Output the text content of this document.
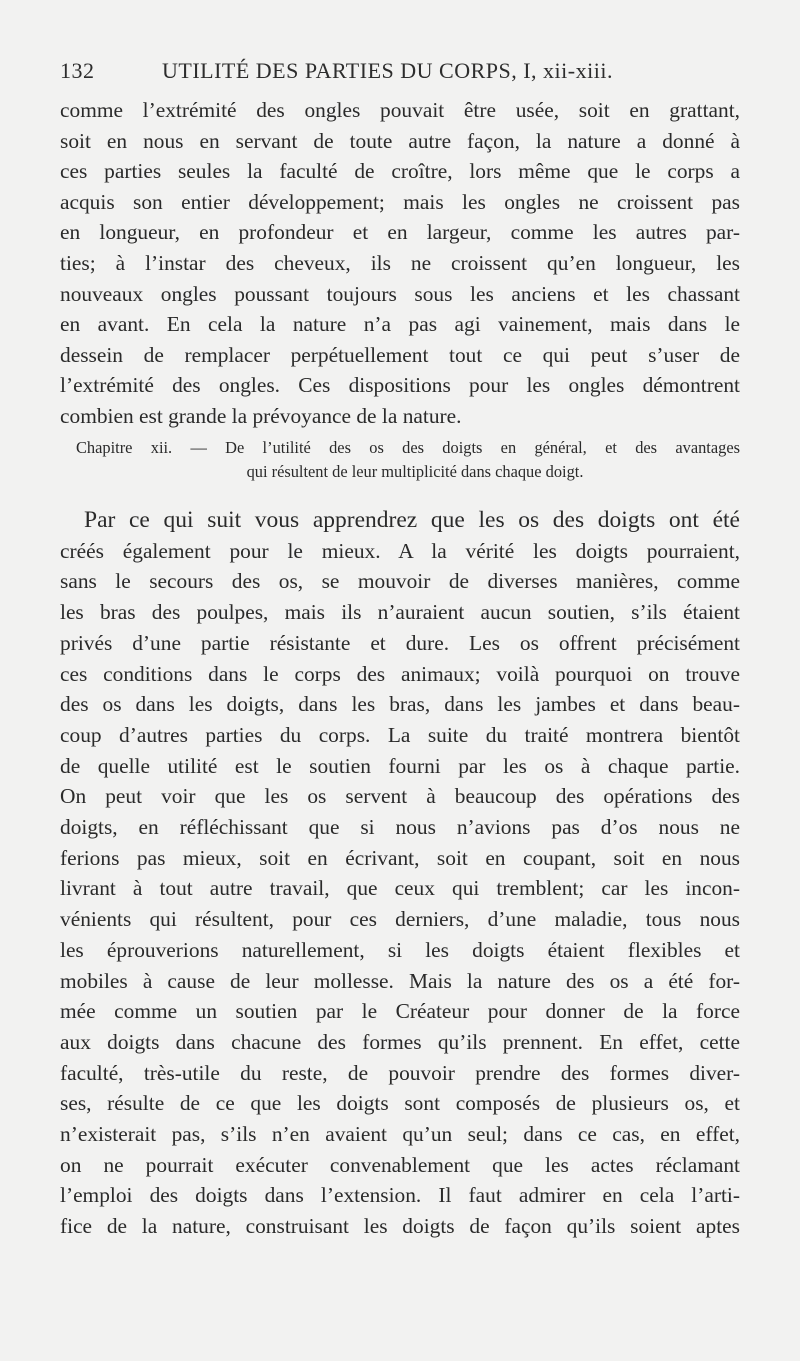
132	UTILITÉ DES PARTIES DU CORPS, I, xii-xiii.
comme l’extrémité des ongles pouvait être usée, soit en grattant,
soit en nous en servant de toute autre façon, la nature a donné à
ces parties seules la faculté de croître, lors même que le corps a
acquis son entier développement; mais les ongles ne croissent pas
en longueur, en profondeur et en largeur, comme les autres par-
ties; à l’instar des cheveux, ils ne croissent qu’en longueur, les
nouveaux ongles poussant toujours sous les anciens et les chassant
en avant. En cela la nature n’a pas agi vainement, mais dans le
dessein de remplacer perpétuellement tout ce qui peut s’user de
l’extrémité des ongles. Ces dispositions pour les ongles démontrent
combien est grande la prévoyance de la nature.
Chapitre xii. — De l’utilité des os des doigts en général, et des avantages
qui résultent de leur multiplicité dans chaque doigt.
Par ce qui suit vous apprendrez que les os des doigts ont été
créés également pour le mieux. A la vérité les doigts pourraient,
sans le secours des os, se mouvoir de diverses manières, comme
les bras des poulpes, mais ils n’auraient aucun soutien, s’ils étaient
privés d’une partie résistante et dure. Les os offrent précisément
ces conditions dans le corps des animaux; voilà pourquoi on trouve
des os dans les doigts, dans les bras, dans les jambes et dans beau-
coup d’autres parties du corps. La suite du traité montrera bientôt
de quelle utilité est le soutien fourni par les os à chaque partie.
On peut voir que les os servent à beaucoup des opérations des
doigts, en réfléchissant que si nous n’avions pas d’os nous ne
ferions pas mieux, soit en écrivant, soit en coupant, soit en nous
livrant à tout autre travail, que ceux qui tremblent; car les incon-
vénients qui résultent, pour ces derniers, d’une maladie, tous nous
les éprouverions naturellement, si les doigts étaient flexibles et
mobiles à cause de leur mollesse. Mais la nature des os a été for-
mée comme un soutien par le Créateur pour donner de la force
aux doigts dans chacune des formes qu’ils prennent. En effet, cette
faculté, très-utile du reste, de pouvoir prendre des formes diver-
ses, résulte de ce que les doigts sont composés de plusieurs os, et
n’existerait pas, s’ils n’en avaient qu’un seul; dans ce cas, en effet,
on ne pourrait exécuter convenablement que les actes réclamant
l’emploi des doigts dans l’extension. Il faut admirer en cela l’arti-
fice de la nature, construisant les doigts de façon qu’ils soient aptes
